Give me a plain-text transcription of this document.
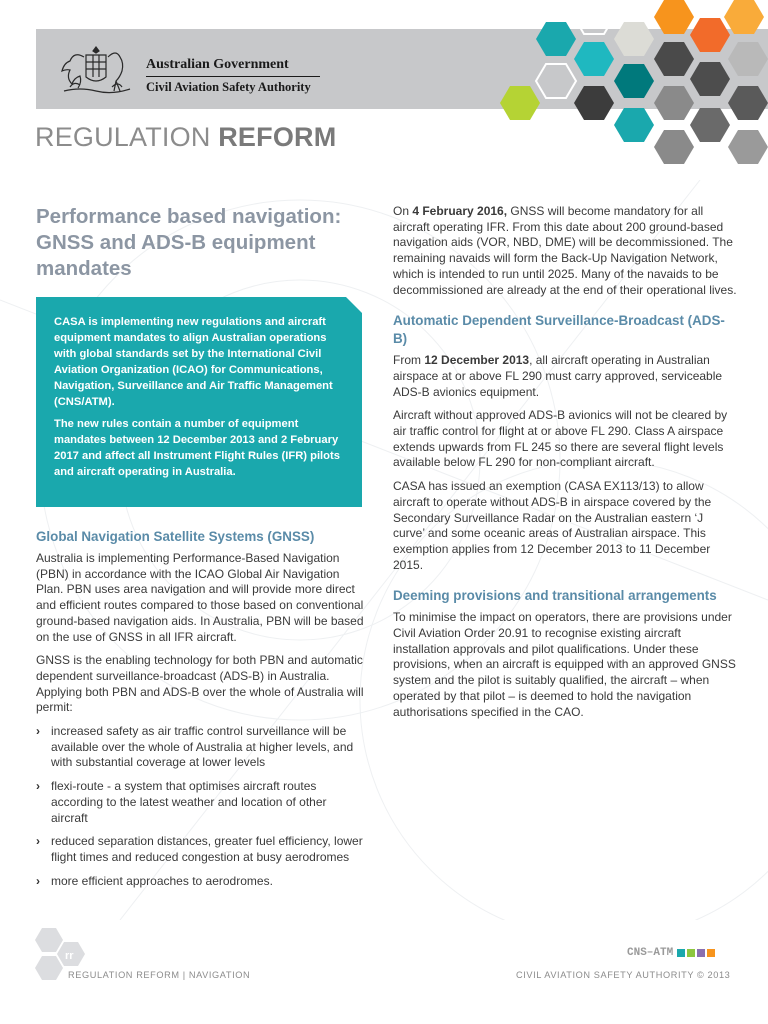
Australian Government
Civil Aviation Safety Authority
REGULATION REFORM
Performance based navigation: GNSS and ADS-B equipment mandates

CASA is implementing new regulations and aircraft equipment mandates to align Australian operations with global standards set by the International Civil Aviation Organization (ICAO) for Communications, Navigation, Surveillance and Air Traffic Management (CNS/ATM).

The new rules contain a number of equipment mandates between 12 December 2013 and 2 February 2017 and affect all Instrument Flight Rules (IFR) pilots and aircraft operating in Australia.

Global Navigation Satellite Systems (GNSS)

Australia is implementing Performance-Based Navigation (PBN) in accordance with the ICAO Global Air Navigation Plan. PBN uses area navigation and will provide more direct and efficient routes compared to those based on conventional ground-based navigation aids. In Australia, PBN will be based on the use of GNSS in all IFR aircraft.

GNSS is the enabling technology for both PBN and automatic dependent surveillance-broadcast (ADS-B) in Australia. Applying both PBN and ADS-B over the whole of Australia will permit:

› increased safety as air traffic control surveillance will be available over the whole of Australia at higher levels, and with substantial coverage at lower levels
› flexi-route - a system that optimises aircraft routes according to the latest weather and location of other aircraft
› reduced separation distances, greater fuel efficiency, lower flight times and reduced congestion at busy aerodromes
› more efficient approaches to aerodromes.

On 4 February 2016, GNSS will become mandatory for all aircraft operating IFR. From this date about 200 ground-based navigation aids (VOR, NBD, DME) will be decommissioned. The remaining navaids will form the Back-Up Navigation Network, which is intended to run until 2025. Many of the navaids to be decommissioned are already at the end of their operational lives.

Automatic Dependent Surveillance-Broadcast (ADS-B)

From 12 December 2013, all aircraft operating in Australian airspace at or above FL 290 must carry approved, serviceable ADS-B avionics equipment.

Aircraft without approved ADS-B avionics will not be cleared by air traffic control for flight at or above FL 290. Class A airspace extends upwards from FL 245 so there are several flight levels available below FL 290 for non-compliant aircraft.

CASA has issued an exemption (CASA EX113/13) to allow aircraft to operate without ADS-B in airspace covered by the Secondary Surveillance Radar on the Australian eastern ‘J curve’ and some oceanic areas of Australian airspace. This exemption applies from 12 December 2013 to 11 December 2015.

Deeming provisions and transitional arrangements

To minimise the impact on operators, there are provisions under Civil Aviation Order 20.91 to recognise existing aircraft installation approvals and pilot qualifications. Under these provisions, when an aircraft is equipped with an approved GNSS system and the pilot is suitably qualified, the aircraft – when operated by that pilot – is deemed to hold the navigation authorisations specified in the CAO.

rr
REGULATION REFORM | NAVIGATION
CNS–ATM
CIVIL AVIATION SAFETY AUTHORITY © 2013
